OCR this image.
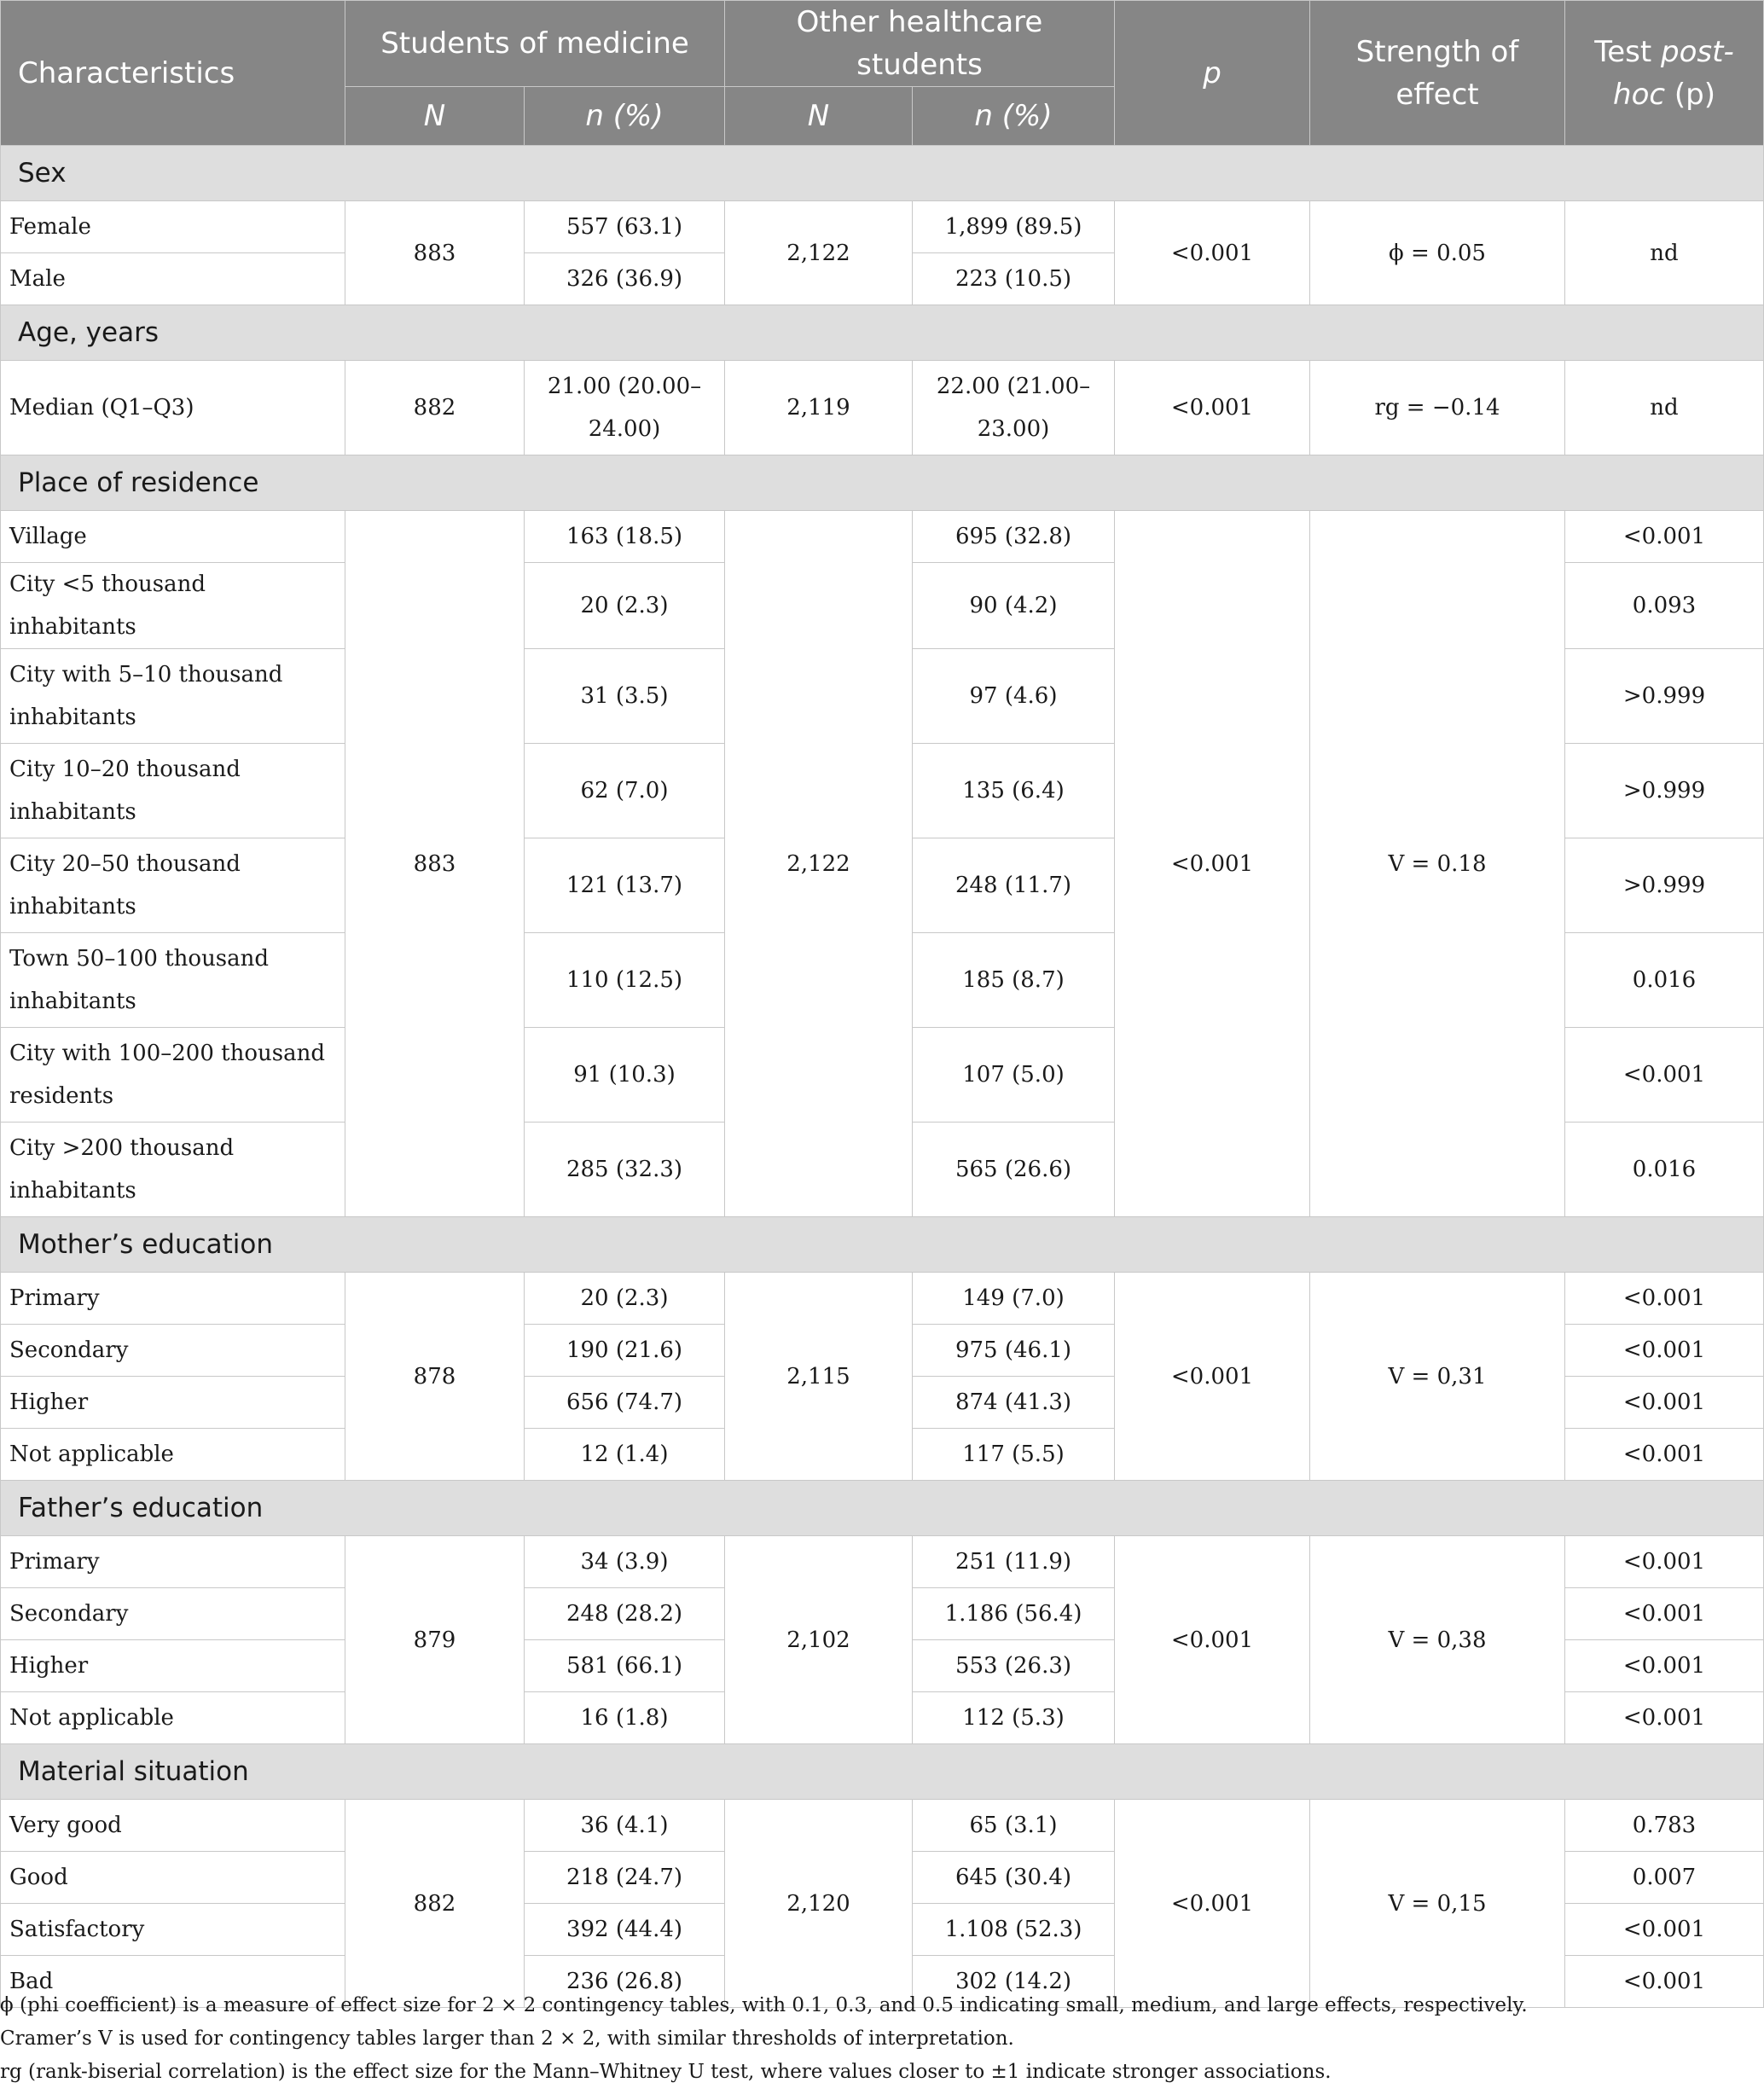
Characteristics	Students of medicine		Other healthcare students		p	Strength of effect	Test post-hoc (p)
	N	n (%)	N	n (%)			
Sex							
Female	883	557 (63.1)	2,122	1,899 (89.5)	<0.001	ϕ = 0.05	nd
Male		326 (36.9)		223 (10.5)			
Age, years							
Median (Q1–Q3)	882	21.00 (20.00–24.00)	2,119	22.00 (21.00–23.00)	<0.001	rg = −0.14	nd
Place of residence							
Village	883	163 (18.5)	2,122	695 (32.8)	<0.001	V = 0.18	<0.001
City <5 thousand inhabitants		20 (2.3)		90 (4.2)			0.093
City with 5–10 thousand inhabitants		31 (3.5)		97 (4.6)			>0.999
City 10–20 thousand inhabitants		62 (7.0)		135 (6.4)			>0.999
City 20–50 thousand inhabitants		121 (13.7)		248 (11.7)			>0.999
Town 50–100 thousand inhabitants		110 (12.5)		185 (8.7)			0.016
City with 100–200 thousand residents		91 (10.3)		107 (5.0)			<0.001
City >200 thousand inhabitants		285 (32.3)		565 (26.6)			0.016
Mother’s education							
Primary	878	20 (2.3)	2,115	149 (7.0)	<0.001	V = 0,31	<0.001
Secondary		190 (21.6)		975 (46.1)			<0.001
Higher		656 (74.7)		874 (41.3)			<0.001
Not applicable		12 (1.4)		117 (5.5)			<0.001
Father’s education							
Primary	879	34 (3.9)	2,102	251 (11.9)	<0.001	V = 0,38	<0.001
Secondary		248 (28.2)		1.186 (56.4)			<0.001
Higher		581 (66.1)		553 (26.3)			<0.001
Not applicable		16 (1.8)		112 (5.3)			<0.001
Material situation							
Very good	882	36 (4.1)	2,120	65 (3.1)	<0.001	V = 0,15	0.783
Good		218 (24.7)		645 (30.4)			0.007
Satisfactory		392 (44.4)		1.108 (52.3)			<0.001
Bad		236 (26.8)		302 (14.2)			<0.001
ϕ (phi coefficient) is a measure of effect size for 2 × 2 contingency tables, with 0.1, 0.3, and 0.5 indicating small, medium, and large effects, respectively.
Cramer’s V is used for contingency tables larger than 2 × 2, with similar thresholds of interpretation.
rg (rank-biserial correlation) is the effect size for the Mann–Whitney U test, where values closer to ±1 indicate stronger associations.
